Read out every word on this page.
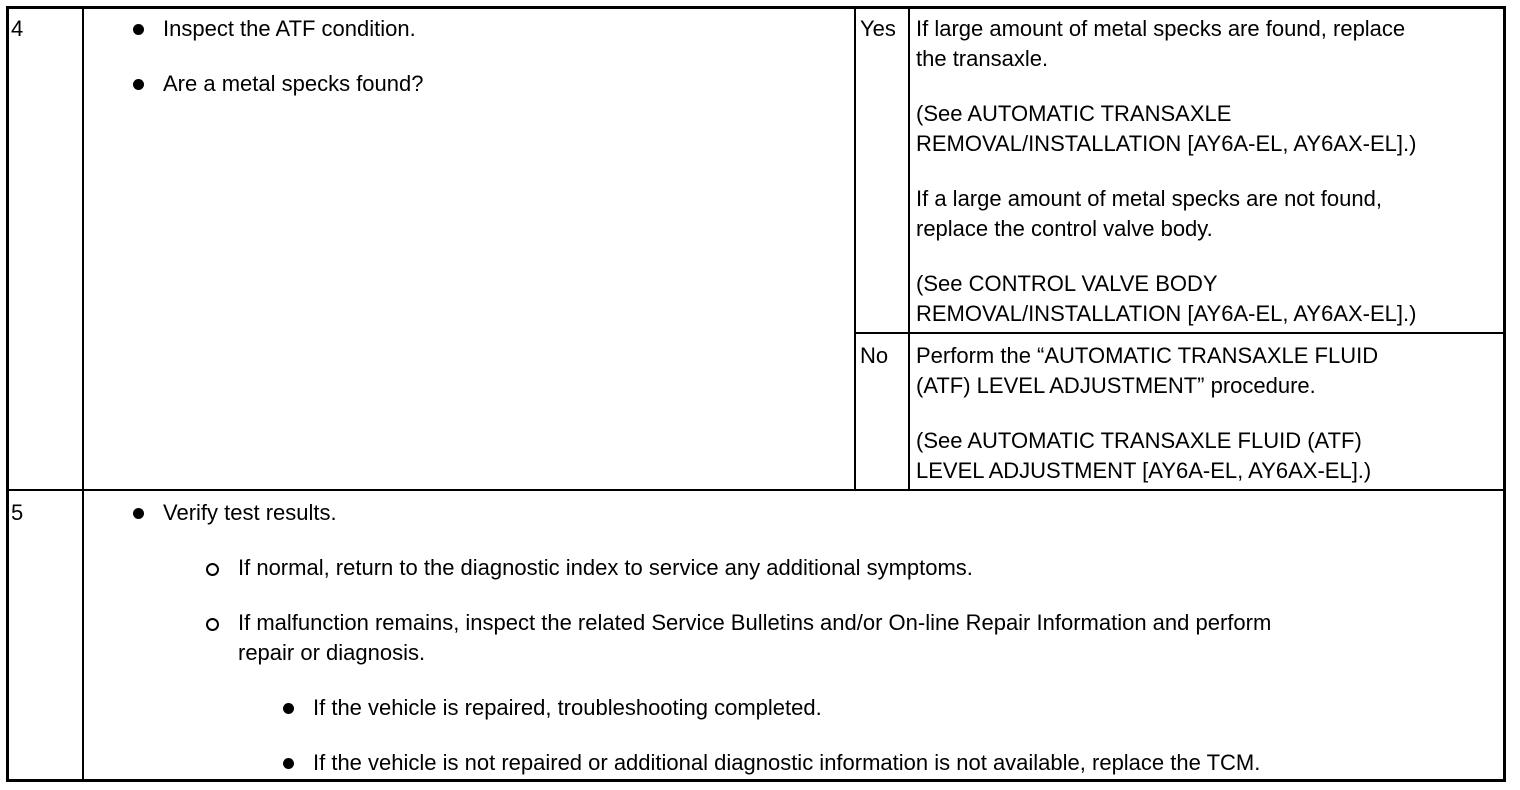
4	Inspect the ATF condition.
Are a metal specks found?
Yes If large amount of metal specks are found, replace
the transaxle.
(See AUTOMATIC TRANSAXLE
REMOVAL/INSTALLATION [AY6A-EL, AY6AX-EL].)
If a large amount of metal specks are not found,
replace the control valve body.
(See CONTROL VALVE BODY
REMOVAL/INSTALLATION [AY6A-EL, AY6AX-EL].)
No Perform the “AUTOMATIC TRANSAXLE FLUID
(ATF) LEVEL ADJUSTMENT” procedure.
(See AUTOMATIC TRANSAXLE FLUID (ATF)
LEVEL ADJUSTMENT [AY6A-EL, AY6AX-EL].)
5	Verify test results.
If normal, return to the diagnostic index to service any additional symptoms.
If malfunction remains, inspect the related Service Bulletins and/or On-line Repair Information and perform
repair or diagnosis.
If the vehicle is repaired, troubleshooting completed.
If the vehicle is not repaired or additional diagnostic information is not available, replace the TCM.
